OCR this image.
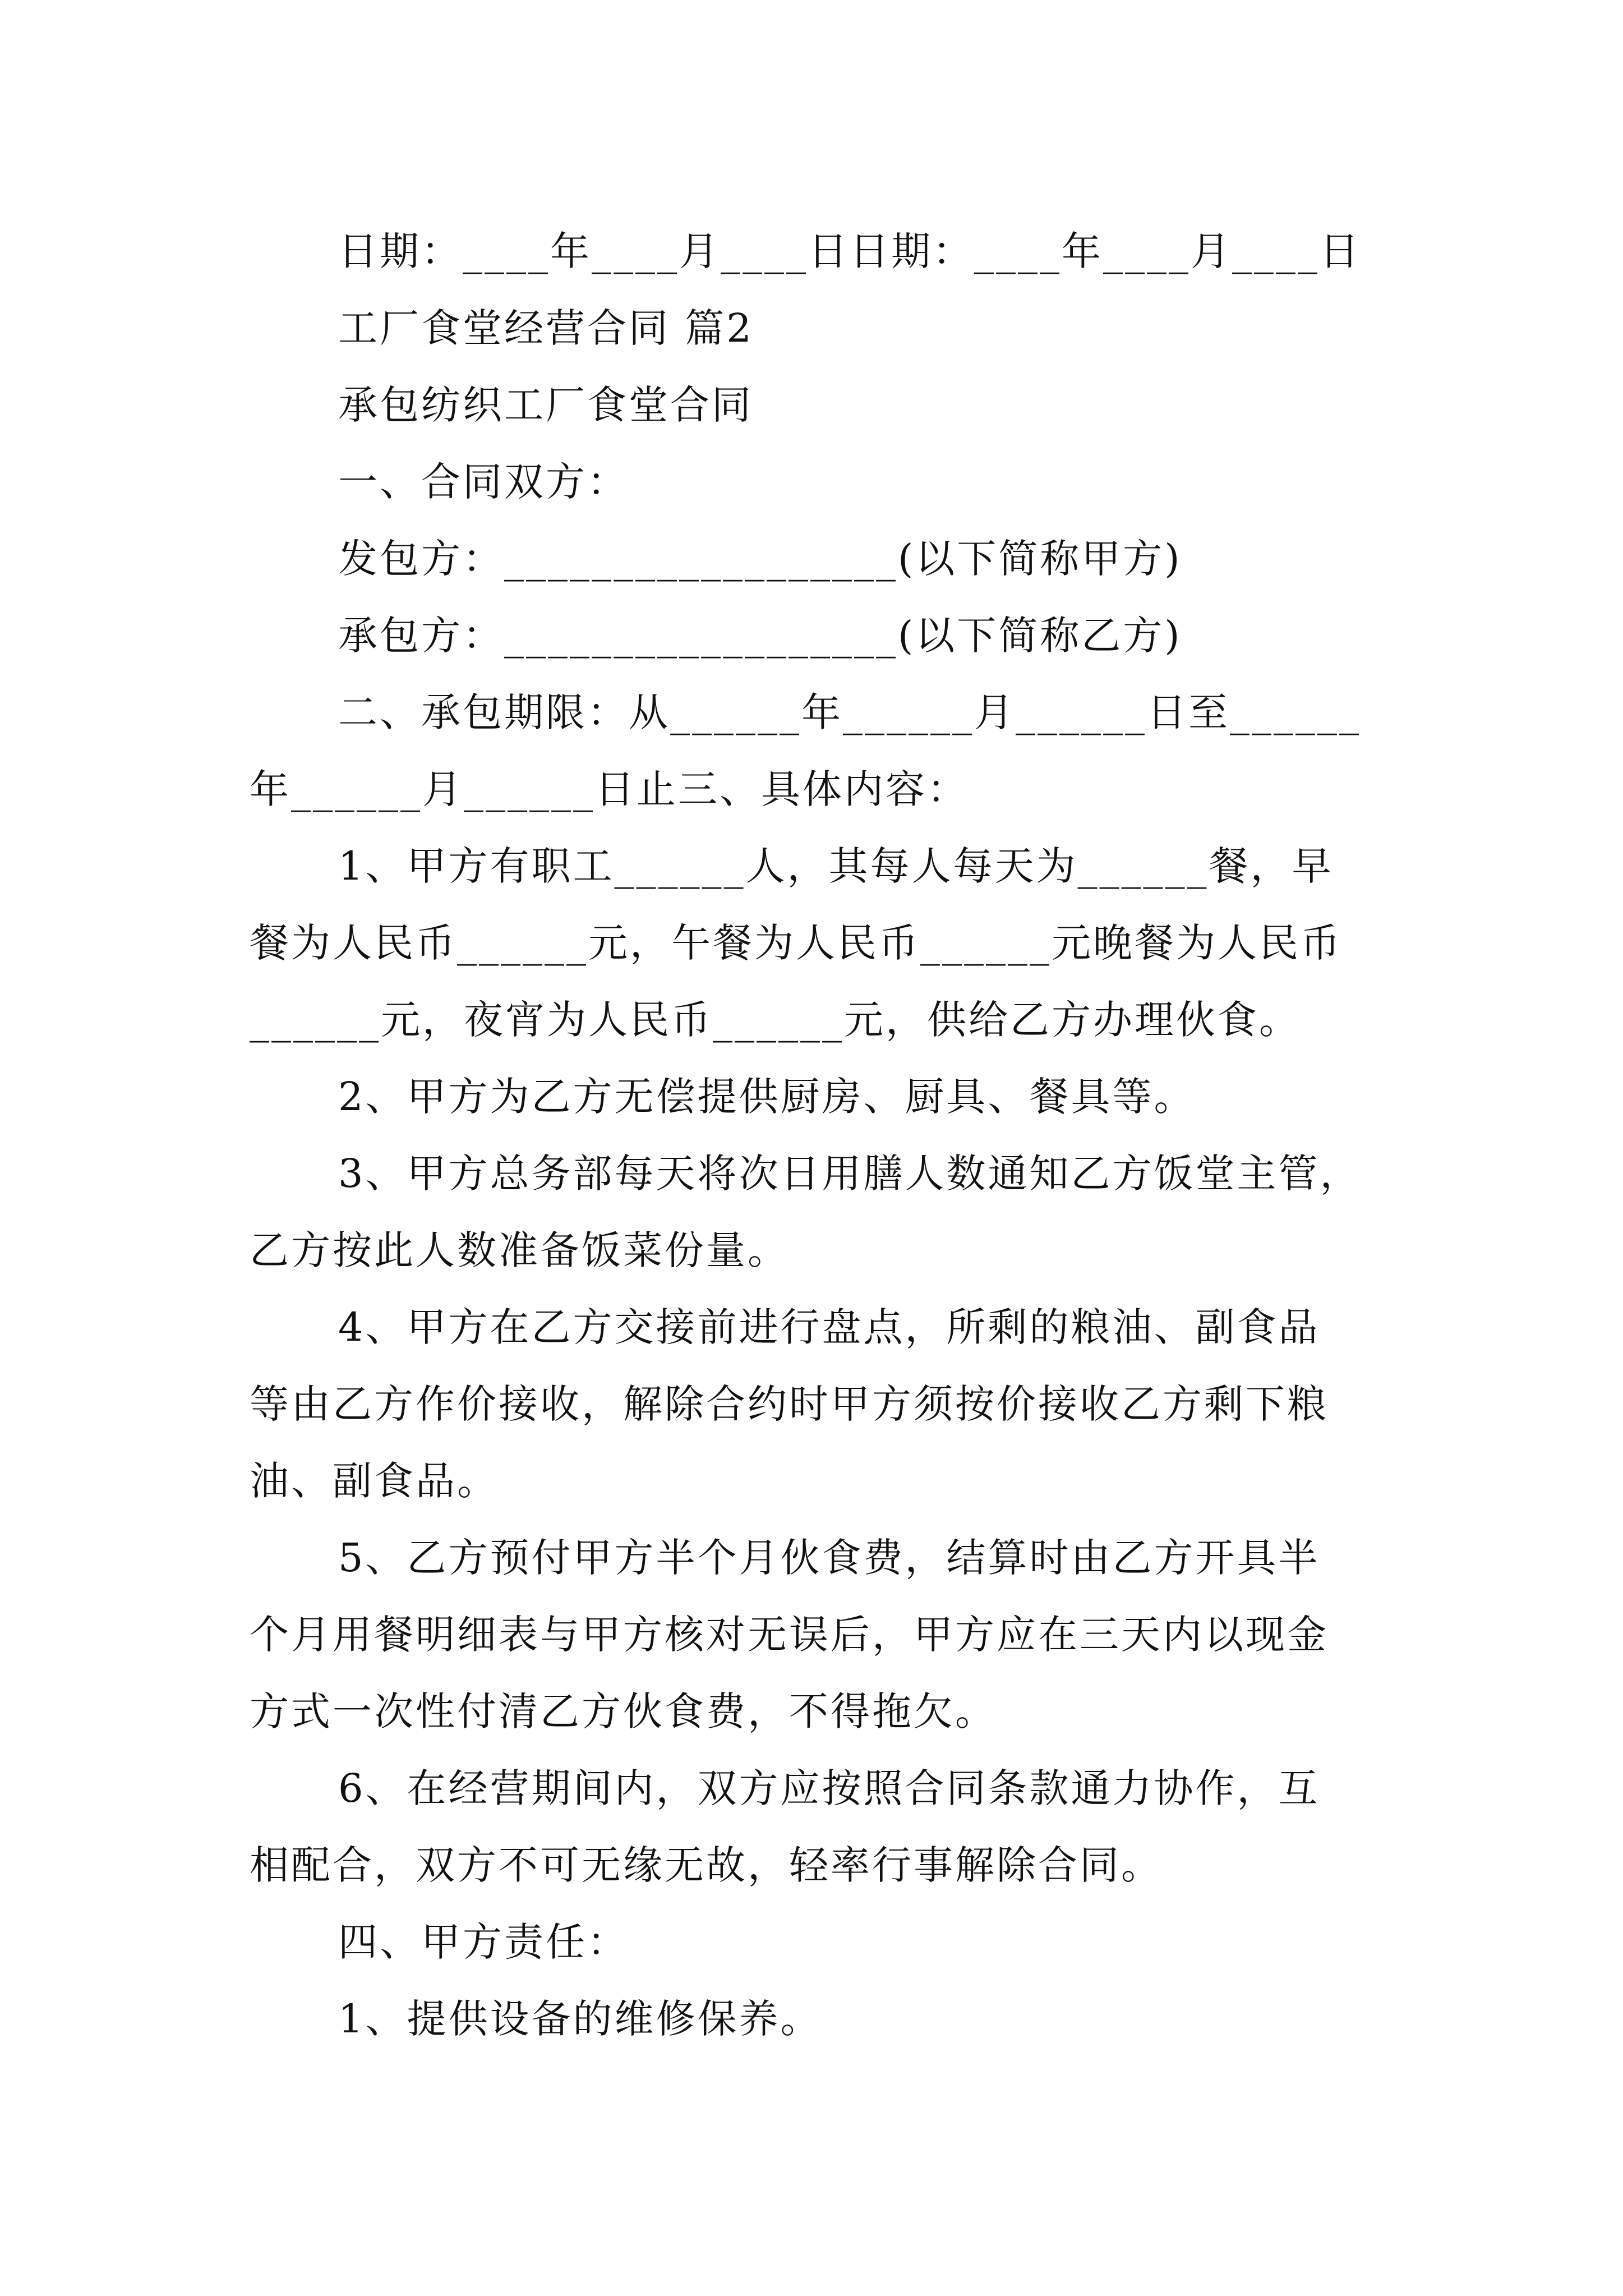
日期：____年____月____日日期：____年____月____日
工厂食堂经营合同 篇2
承包纺织工厂食堂合同
一、合同双方：
发包方：__________________(以下简称甲方)
承包方：__________________(以下简称乙方)
二、承包期限：从______年______月______日至______
年______月______日止三、具体内容：
1、甲方有职工______人，其每人每天为______餐，早
餐为人民币______元，午餐为人民币______元晚餐为人民币
______元，夜宵为人民币______元，供给乙方办理伙食。
2、甲方为乙方无偿提供厨房、厨具、餐具等。
3、甲方总务部每天将次日用膳人数通知乙方饭堂主管，
乙方按此人数准备饭菜份量。
4、甲方在乙方交接前进行盘点，所剩的粮油、副食品
等由乙方作价接收，解除合约时甲方须按价接收乙方剩下粮
油、副食品。
5、乙方预付甲方半个月伙食费，结算时由乙方开具半
个月用餐明细表与甲方核对无误后，甲方应在三天内以现金
方式一次性付清乙方伙食费，不得拖欠。
6、在经营期间内，双方应按照合同条款通力协作，互
相配合，双方不可无缘无故，轻率行事解除合同。
四、甲方责任：
1、提供设备的维修保养。
